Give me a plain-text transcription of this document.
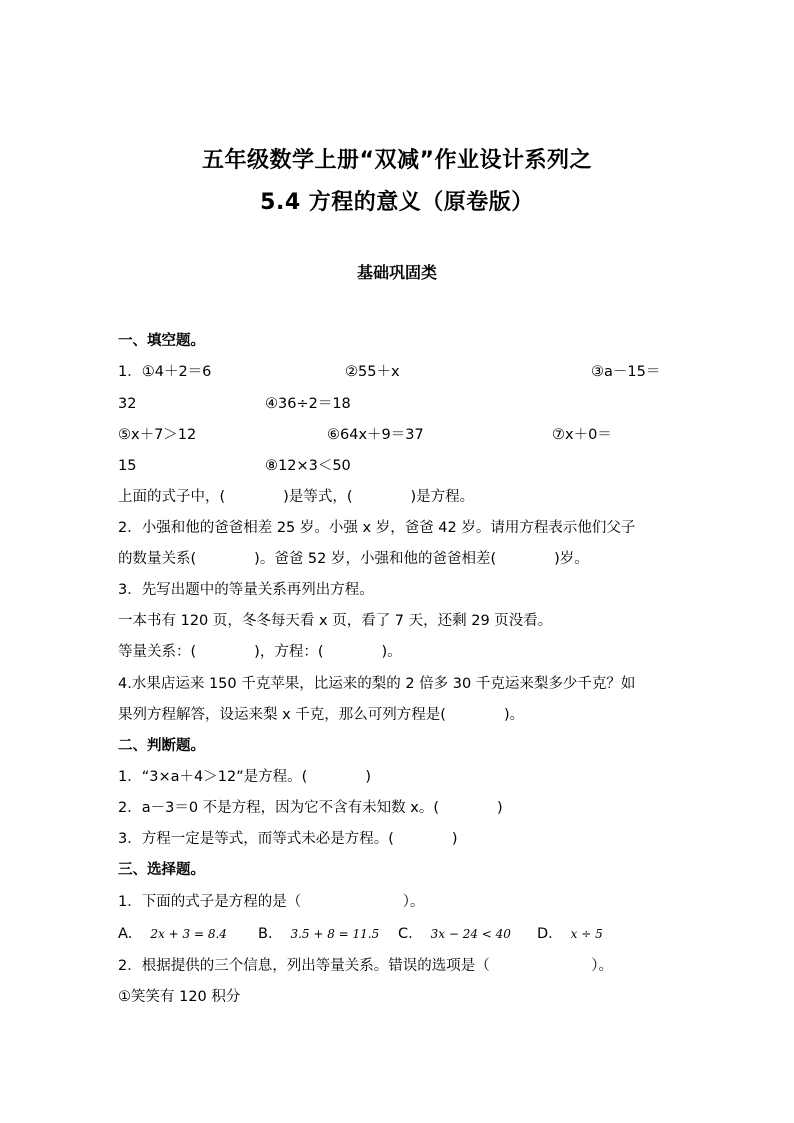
五年级数学上册“双减”作业设计系列之
5.4 方程的意义（原卷版）
基础巩固类
一、填空题。
1．①4＋2＝6	②55＋x	③a－15＝
32	④36÷2＝18
⑤x＋7＞12	⑥64x＋9＝37	⑦x＋0＝
15	⑧12×3＜50
上面的式子中，(　　　　)是等式，(　　　　)是方程。
2．小强和他的爸爸相差 25 岁。小强 x 岁，爸爸 42 岁。请用方程表示他们父子
的数量关系(　　　　)。爸爸 52 岁，小强和他的爸爸相差(　　　　)岁。
3．先写出题中的等量关系再列出方程。
一本书有 120 页，冬冬每天看 x 页，看了 7 天，还剩 29 页没看。
等量关系：(　　　　)，方程：(　　　　)。
4.水果店运来 150 千克苹果，比运来的梨的 2 倍多 30 千克运来梨多少千克？如
果列方程解答，设运来梨 x 千克，那么可列方程是(　　　　)。
二、判断题。
1．“3×a＋4＞12”是方程。(　　　　)
2．a－3＝0 不是方程，因为它不含有未知数 x。(　　　　)
3．方程一定是等式，而等式未必是方程。(　　　　)
三、选择题。
1．下面的式子是方程的是（　　　　　　　）。
A． 2x + 3 = 8.4 B． 3.5 + 8 = 11.5 C． 3x − 24 < 40 D． x ÷ 5
2．根据提供的三个信息，列出等量关系。错误的选项是（　　　　　　　）。
①笑笑有 120 积分
